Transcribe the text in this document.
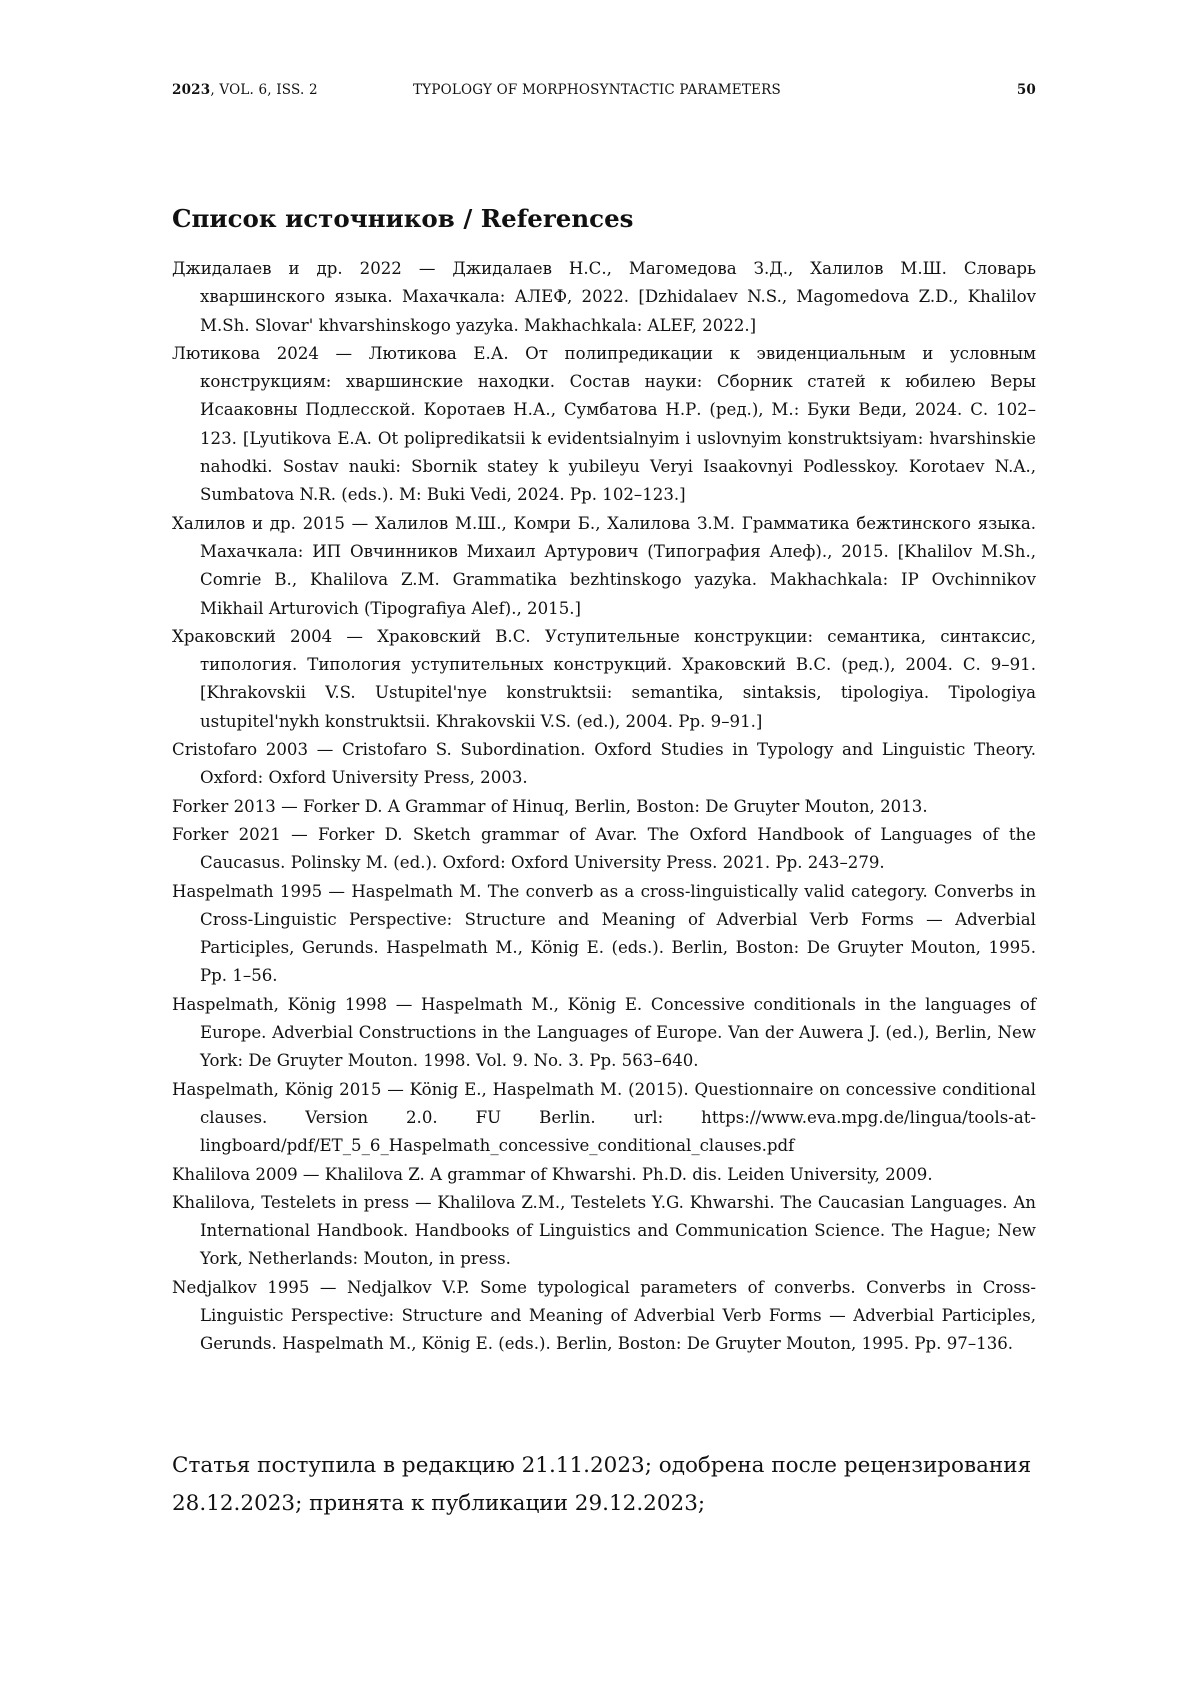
2023, VOL. 6, ISS. 2	TYPOLOGY OF MORPHOSYNTACTIC PARAMETERS	50
Список источников / References
Джидалаев и др. 2022 — Джидалаев Н.С., Магомедова З.Д., Халилов М.Ш. Словарь хваршинского языка. Махачкала: АЛЕФ, 2022. [Dzhidalaev N.S., Magomedova Z.D., Khalilov M.Sh. Slovar' khvarshinskogo yazyka. Makhachkala: ALEF, 2022.]
Лютикова 2024 — Лютикова Е.А. От полипредикации к эвиденциальным и условным конструкциям: хваршинские находки. Состав науки: Сборник статей к юбилею Веры Исааковны Подлесской. Коротаев Н.А., Сумбатова Н.Р. (ред.), М.: Буки Веди, 2024. С. 102–123. [Lyutikova E.A. Ot polipredikatsii k evidentsialnyim i uslovnyim konstruktsiyam: hvarshinskie nahodki. Sostav nauki: Sbornik statey k yubileyu Veryi Isaakovnyi Podlesskoy. Korotaev N.A., Sumbatova N.R. (eds.). M: Buki Vedi, 2024. Pp. 102–123.]
Халилов и др. 2015 — Халилов М.Ш., Комри Б., Халилова З.М. Грамматика бежтинского языка. Махачкала: ИП Овчинников Михаил Артурович (Типография Алеф)., 2015. [Khalilov M.Sh., Comrie B., Khalilova Z.M. Grammatika bezhtinskogo yazyka. Makhachkala: IP Ovchinnikov Mikhail Arturovich (Tipografiya Alef)., 2015.]
Храковский 2004 — Храковский В.С. Уступительные конструкции: семантика, синтаксис, типология. Типология уступительных конструкций. Храковский В.С. (ред.), 2004. С. 9–91. [Khrakovskii V.S. Ustupitel'nye konstruktsii: semantika, sintaksis, tipologiya. Tipologiya ustupitel'nykh konstruktsii. Khrakovskii V.S. (ed.), 2004. Pp. 9–91.]
Cristofaro 2003 — Cristofaro S. Subordination. Oxford Studies in Typology and Linguistic Theory. Oxford: Oxford University Press, 2003.
Forker 2013 — Forker D. A Grammar of Hinuq, Berlin, Boston: De Gruyter Mouton, 2013.
Forker 2021 — Forker D. Sketch grammar of Avar. The Oxford Handbook of Languages of the Caucasus. Polinsky M. (ed.). Oxford: Oxford University Press. 2021. Pp. 243–279.
Haspelmath 1995 — Haspelmath M. The converb as a cross-linguistically valid category. Converbs in Cross-Linguistic Perspective: Structure and Meaning of Adverbial Verb Forms — Adverbial Participles, Gerunds. Haspelmath M., König E. (eds.). Berlin, Boston: De Gruyter Mouton, 1995. Pp. 1–56.
Haspelmath, König 1998 — Haspelmath M., König E. Concessive conditionals in the languages of Europe. Adverbial Constructions in the Languages of Europe. Van der Auwera J. (ed.), Berlin, New York: De Gruyter Mouton. 1998. Vol. 9. No. 3. Pp. 563–640.
Haspelmath, König 2015 — König E., Haspelmath M. (2015). Questionnaire on concessive conditional clauses. Version 2.0. FU Berlin. url: https://www.eva.mpg.de/lingua/tools-at-lingboard/pdf/ET_5_6_Haspelmath_concessive_conditional_clauses.pdf
Khalilova 2009 — Khalilova Z. A grammar of Khwarshi. Ph.D. dis. Leiden University, 2009.
Khalilova, Testelets in press — Khalilova Z.M., Testelets Y.G. Khwarshi. The Caucasian Languages. An International Handbook. Handbooks of Linguistics and Communication Science. The Hague; New York, Netherlands: Mouton, in press.
Nedjalkov 1995 — Nedjalkov V.P. Some typological parameters of converbs. Converbs in Cross-Linguistic Perspective: Structure and Meaning of Adverbial Verb Forms — Adverbial Participles, Gerunds. Haspelmath M., König E. (eds.). Berlin, Boston: De Gruyter Mouton, 1995. Pp. 97–136.

Статья поступила в редакцию 21.11.2023; одобрена после рецензирования 28.12.2023; принята к публикации 29.12.2023;
